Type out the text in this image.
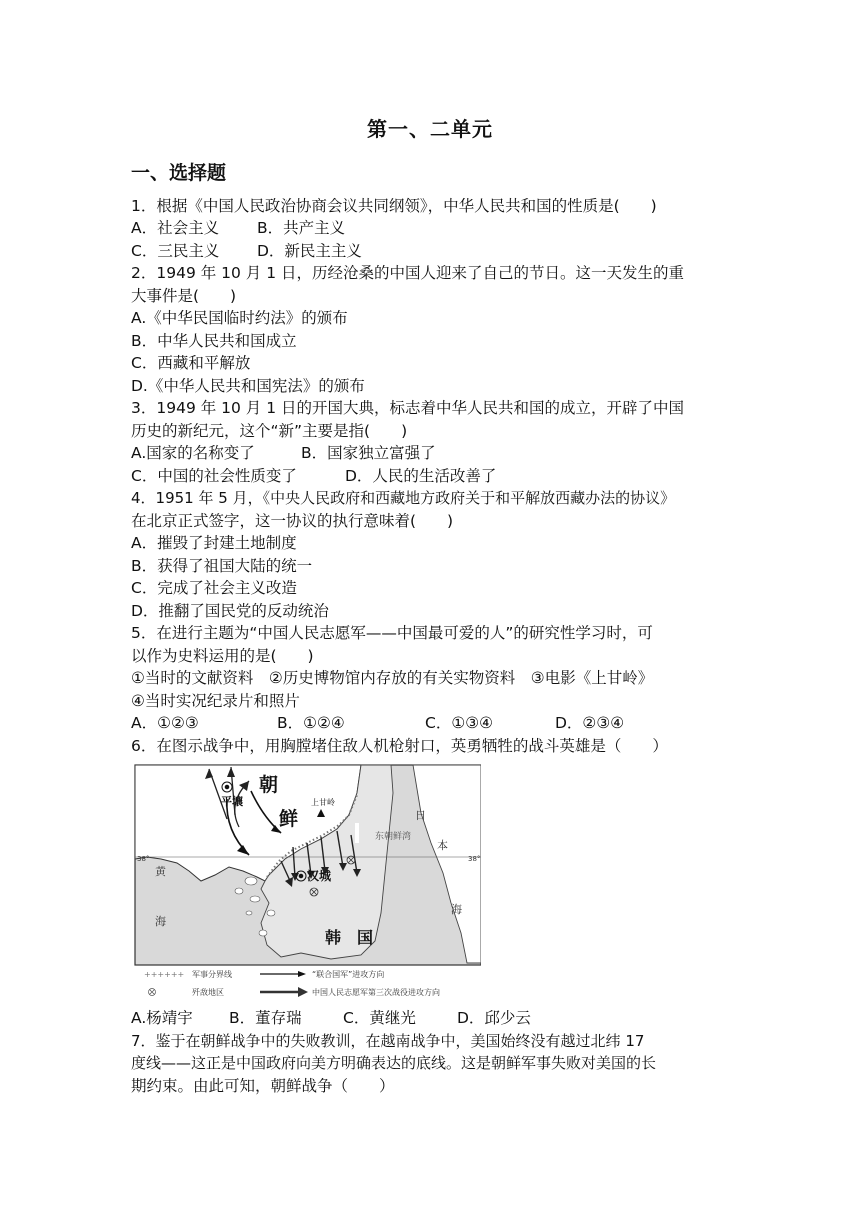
第一、二单元
一、选择题
1．根据《中国人民政治协商会议共同纲领》，中华人民共和国的性质是(　　)
A．社会主义 B．共产主义
C．三民主义 D．新民主主义
2．1949 年 10 月 1 日，历经沧桑的中国人迎来了自己的节日。这一天发生的重
大事件是(　　)
A.《中华民国临时约法》的颁布
B．中华人民共和国成立
C．西藏和平解放
D.《中华人民共和国宪法》的颁布
3．1949 年 10 月 1 日的开国大典，标志着中华人民共和国的成立，开辟了中国
历史的新纪元，这个“新”主要是指(　　)
A.国家的名称变了	B．国家独立富强了
C．中国的社会性质变了	D．人民的生活改善了
4．1951 年 5 月，《中央人民政府和西藏地方政府关于和平解放西藏办法的协议》
在北京正式签字，这一协议的执行意味着(　　)
A．摧毁了封建土地制度
B．获得了祖国大陆的统一
C．完成了社会主义改造
D．推翻了国民党的反动统治
5．在进行主题为“中国人民志愿军——中国最可爱的人”的研究性学习时，可
以作为史料运用的是(　　)
①当时的文献资料　②历史博物馆内存放的有关实物资料　③电影《上甘岭》
④当时实况纪录片和照片
A．①②③	B．①②④	C．①③④	D．②③④
6．在图示战争中，用胸膛堵住敌人机枪射口，英勇牺牲的战斗英雄是（　　）
朝
鲜
平壤
汉城
上甘岭
韩　国
日
本
海
黄
海
东朝鲜湾
38°	38°
++++++ 军事分界线	“联合国军”进攻方向
歼敌地区	中国人民志愿军第三次战役进攻方向
A.杨靖宇 B．董存瑞	C．黄继光	D．邱少云
7．鉴于在朝鲜战争中的失败教训，在越南战争中，美国始终没有越过北纬 17
度线——这正是中国政府向美方明确表达的底线。这是朝鲜军事失败对美国的长
期约束。由此可知，朝鲜战争（　　）
